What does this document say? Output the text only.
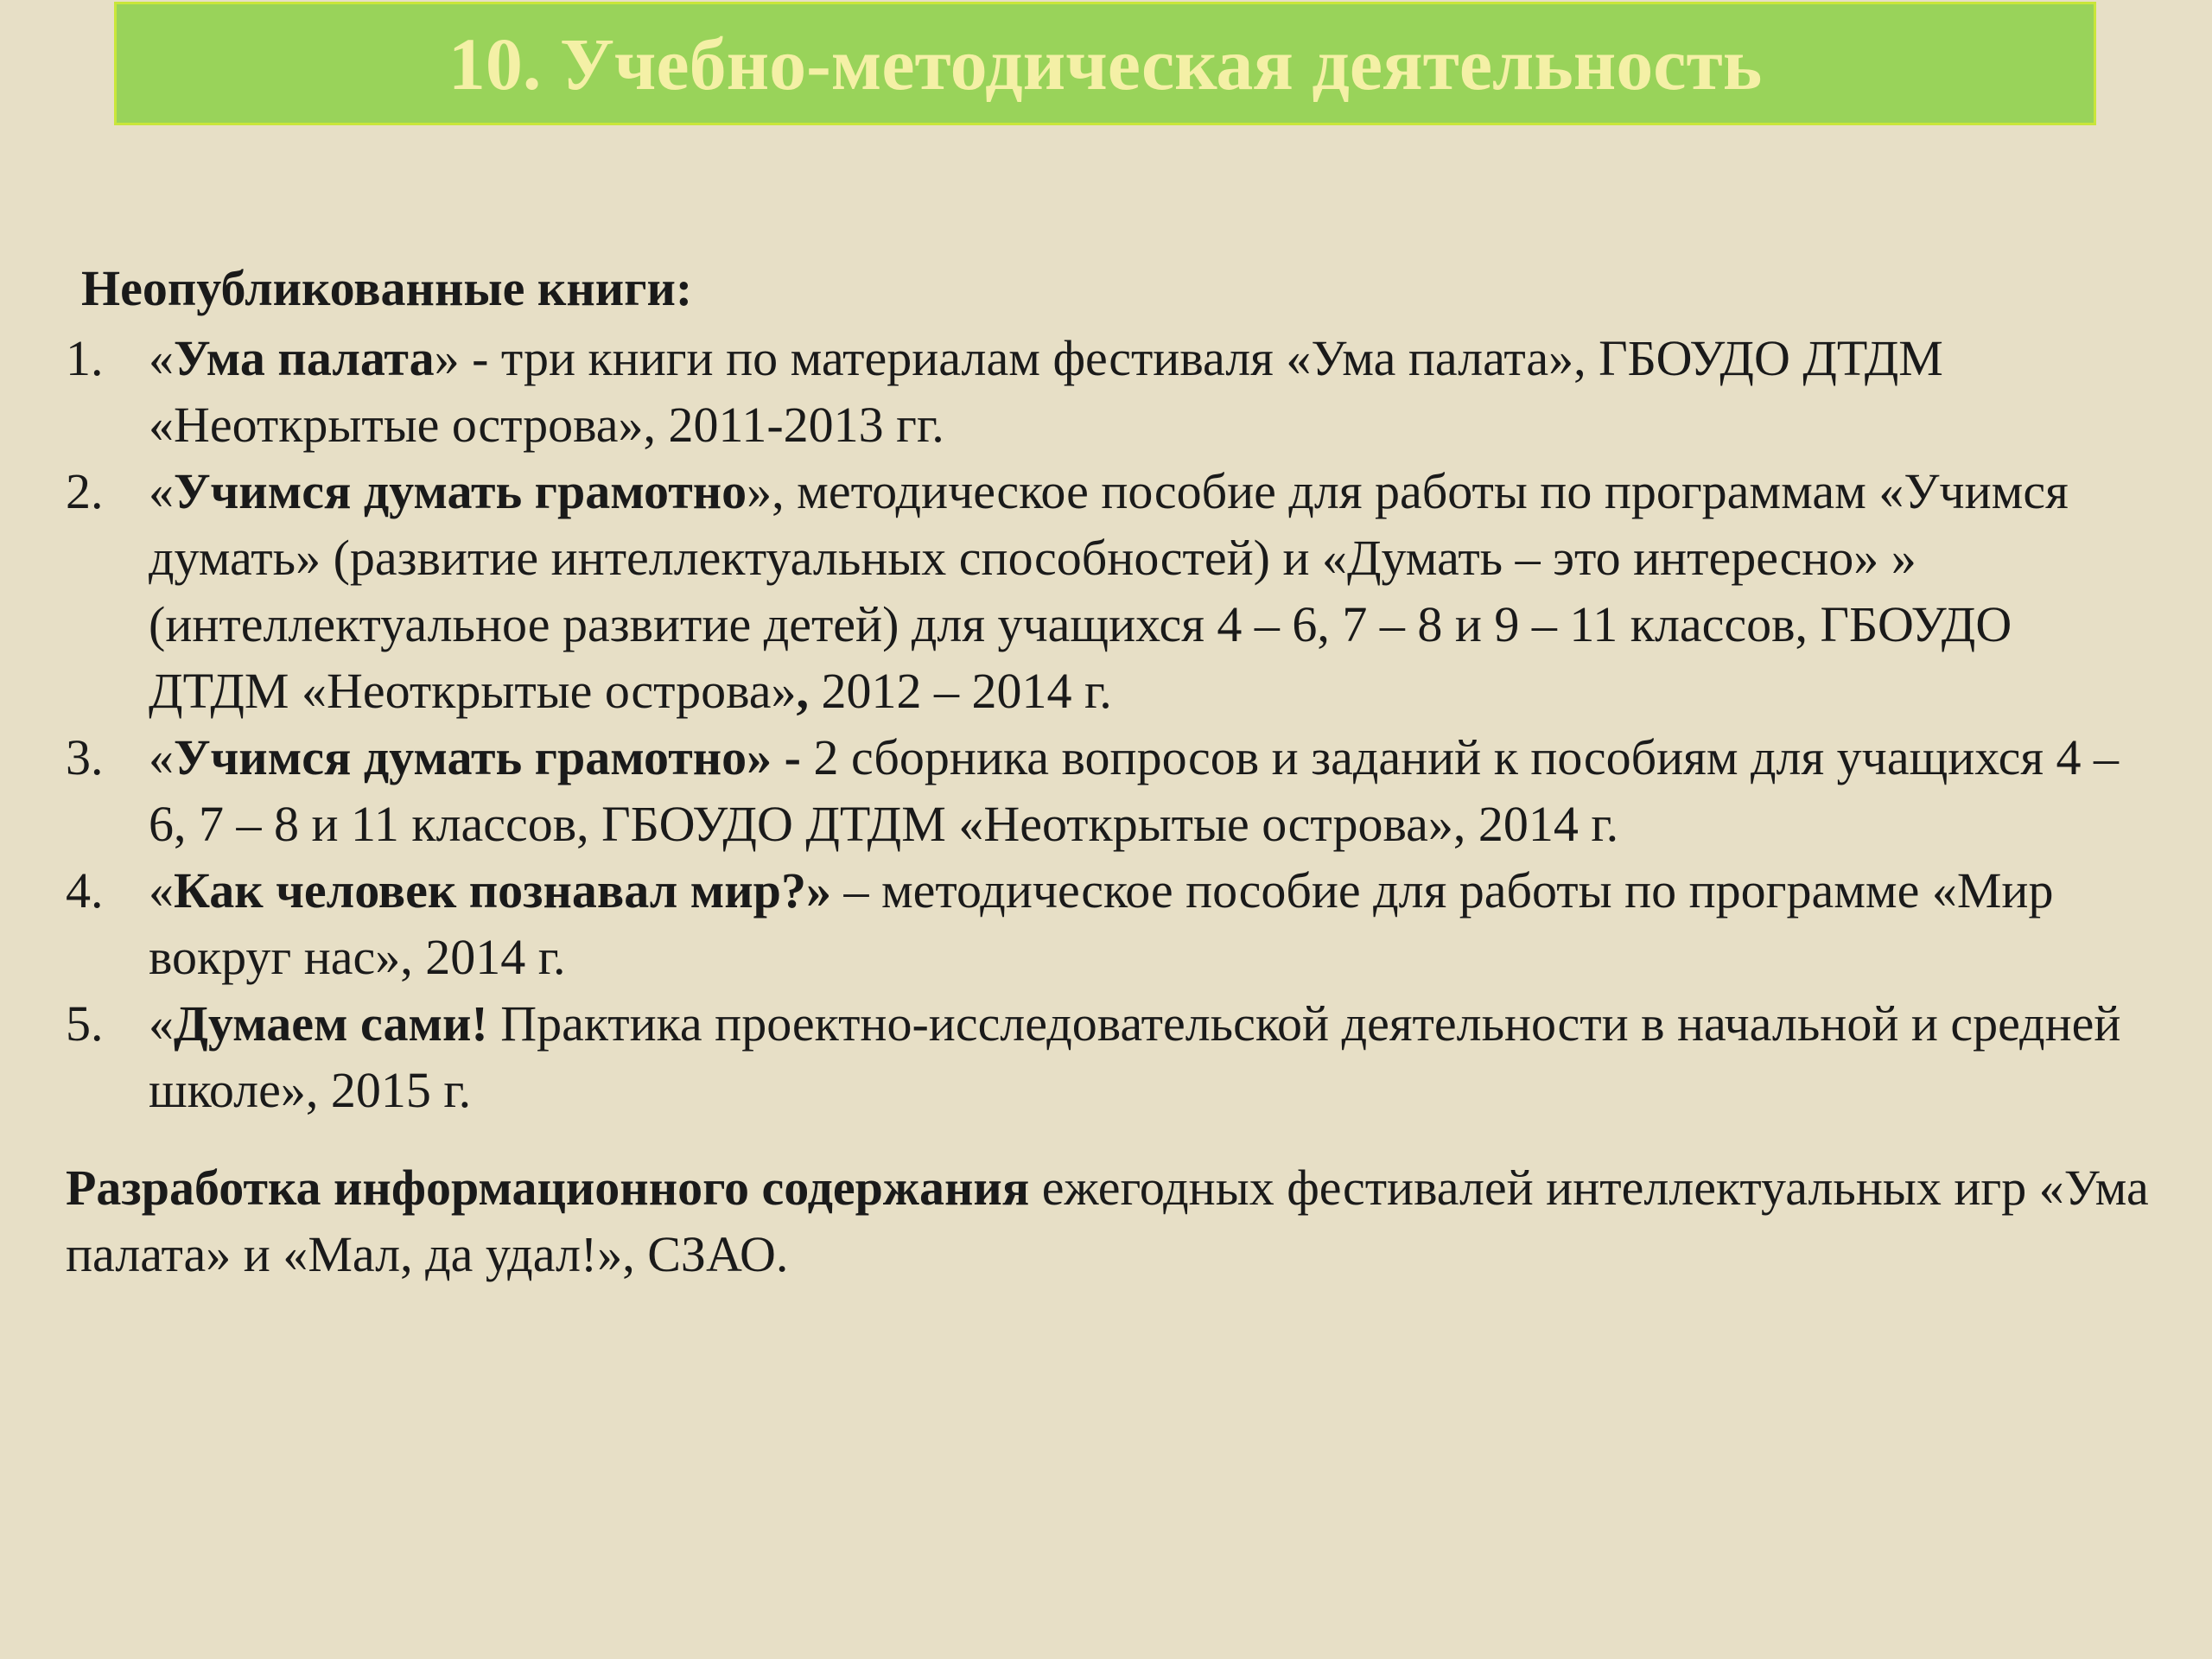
10. Учебно-методическая деятельность

Неопубликованные книги:

1. «Ума палата» - три книги по материалам фестиваля «Ума палата», ГБОУДО ДТДМ «Неоткрытые острова», 2011-2013 гг.
2. «Учимся думать грамотно», методическое пособие для работы по программам «Учимся думать» (развитие интеллектуальных способностей) и «Думать – это интересно» » (интеллектуальное развитие детей) для учащихся 4 – 6, 7 – 8 и 9 – 11 классов, ГБОУДО ДТДМ «Неоткрытые острова», 2012 – 2014 г.
3. «Учимся думать грамотно» - 2 сборника вопросов и заданий к пособиям для учащихся 4 – 6, 7 – 8 и 11 классов, ГБОУДО ДТДМ «Неоткрытые острова», 2014 г.
4. «Как человек познавал мир?» – методическое пособие для работы по программе «Мир вокруг нас», 2014 г.
5. «Думаем сами! Практика проектно-исследовательской деятельности в начальной и средней школе», 2015 г.

Разработка информационного содержания ежегодных фестивалей интеллектуальных игр «Ума палата» и «Мал, да удал!», СЗАО.
